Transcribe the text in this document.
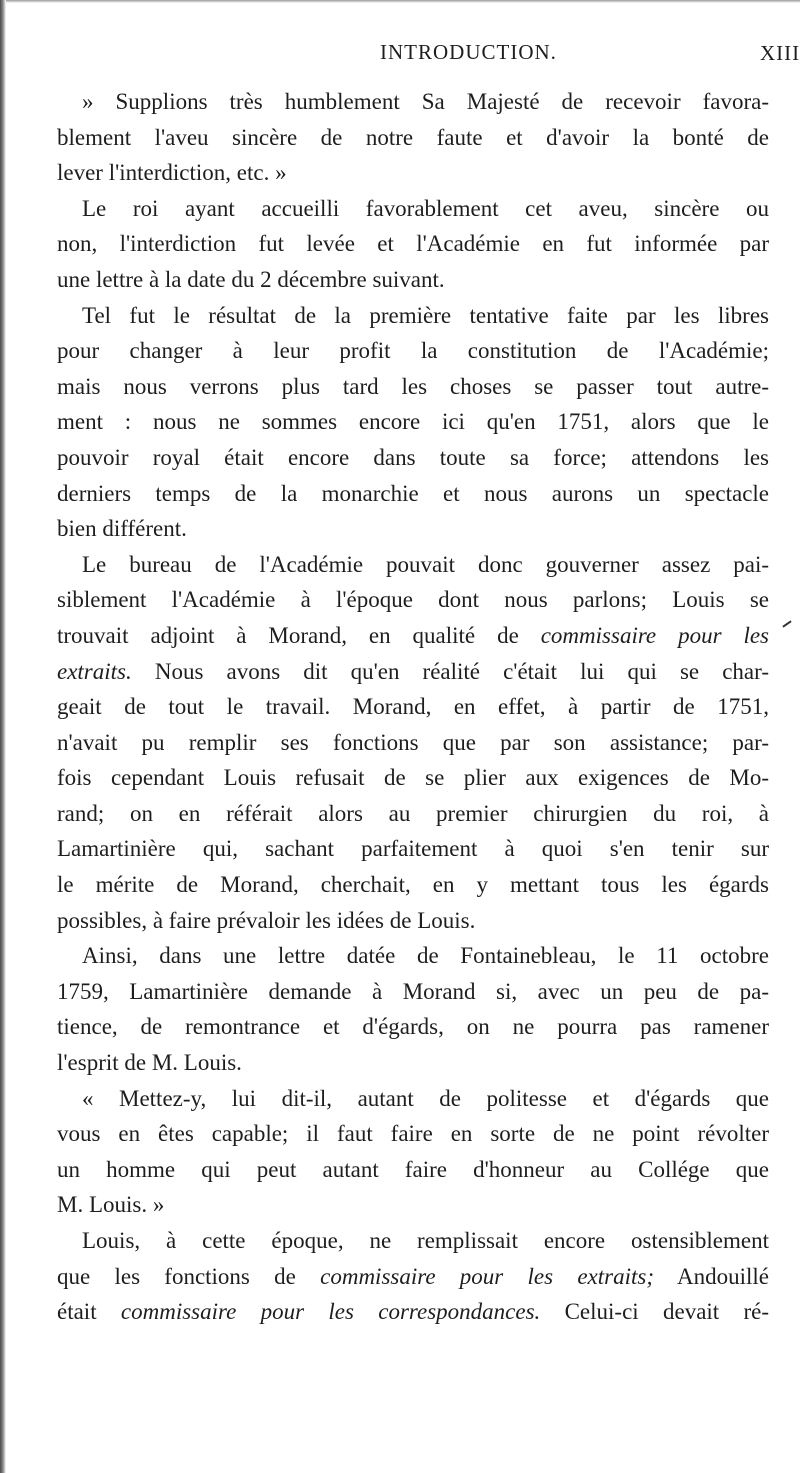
INTRODUCTION.	XIII
» Supplions très humblement Sa Majesté de recevoir favora-
blement l'aveu sincère de notre faute et d'avoir la bonté de
lever l'interdiction, etc. »
Le roi ayant accueilli favorablement cet aveu, sincère ou
non, l'interdiction fut levée et l'Académie en fut informée par
une lettre à la date du 2 décembre suivant.
Tel fut le résultat de la première tentative faite par les libres
pour changer à leur profit la constitution de l'Académie;
mais nous verrons plus tard les choses se passer tout autre-
ment : nous ne sommes encore ici qu'en 1751, alors que le
pouvoir royal était encore dans toute sa force; attendons les
derniers temps de la monarchie et nous aurons un spectacle
bien différent.
Le bureau de l'Académie pouvait donc gouverner assez pai-
siblement l'Académie à l'époque dont nous parlons; Louis se
trouvait adjoint à Morand, en qualité de commissaire pour les
extraits. Nous avons dit qu'en réalité c'était lui qui se char-
geait de tout le travail. Morand, en effet, à partir de 1751,
n'avait pu remplir ses fonctions que par son assistance; par-
fois cependant Louis refusait de se plier aux exigences de Mo-
rand; on en référait alors au premier chirurgien du roi, à
Lamartinière qui, sachant parfaitement à quoi s'en tenir sur
le mérite de Morand, cherchait, en y mettant tous les égards
possibles, à faire prévaloir les idées de Louis.
Ainsi, dans une lettre datée de Fontainebleau, le 11 octobre
1759, Lamartinière demande à Morand si, avec un peu de pa-
tience, de remontrance et d'égards, on ne pourra pas ramener
l'esprit de M. Louis.
« Mettez-y, lui dit-il, autant de politesse et d'égards que
vous en êtes capable; il faut faire en sorte de ne point révolter
un homme qui peut autant faire d'honneur au Collége que
M. Louis. »
Louis, à cette époque, ne remplissait encore ostensiblement
que les fonctions de commissaire pour les extraits; Andouillé
était commissaire pour les correspondances. Celui-ci devait ré-
